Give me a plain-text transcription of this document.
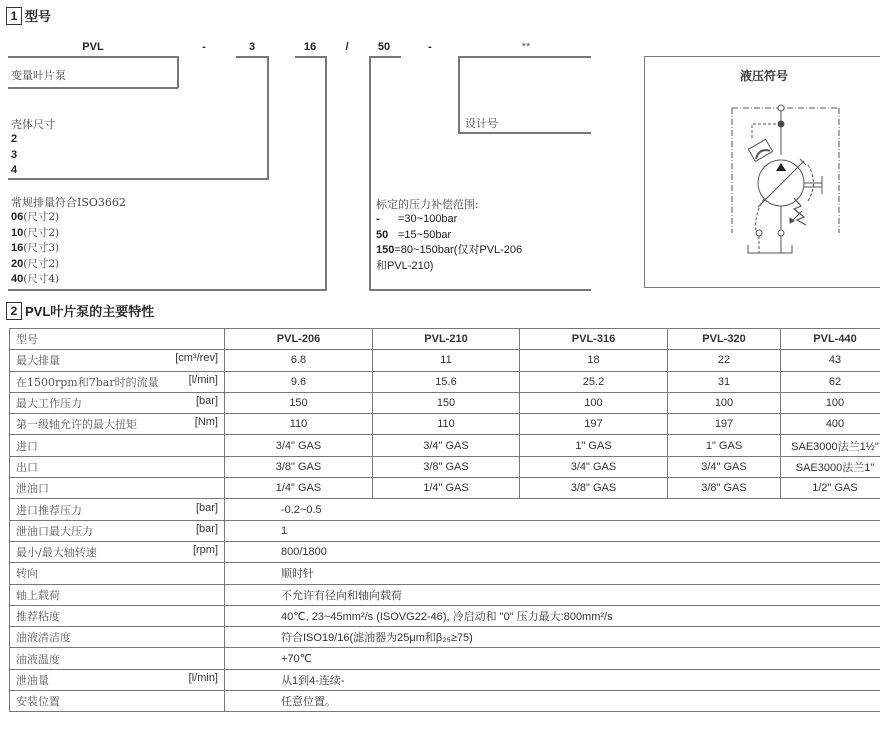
1 型号
PVL	-	3	16	/	50	-	**
变量叶片泵
壳体尺寸
2
3
4
常规排量符合ISO3662
06(尺寸2)
10(尺寸2)
16(尺寸3)
20(尺寸2)
40(尺寸4)
标定的压力补偿范围:
- =30~100bar
50 =15~50bar
150=80~150bar(仅对PVL-206
和PVL-210)
设计号
液压符号
2 PVL叶片泵的主要特性
型号	PVL-206	PVL-210	PVL-316	PVL-320	PVL-440
最大排量 [cm³/rev]	6.8	11	18	22	43
在1500rpm和7bar时的流量 [l/min]	9.6	15.6	25.2	31	62
最大工作压力 [bar]	150	150	100	100	100
第一级轴允许的最大扭矩 [Nm]	110	110	197	197	400
进口	3/4" GAS	3/4" GAS	1" GAS	1" GAS	SAE3000法兰1½"
出口	3/8" GAS	3/8" GAS	3/4" GAS	3/4" GAS	SAE3000法兰1"
泄油口	1/4" GAS	1/4" GAS	3/8" GAS	3/8" GAS	1/2" GAS
进口推荐压力 [bar]	-0.2~0.5				
泄油口最大压力 [bar]	1				
最小/最大轴转速 [rpm]	800/1800				
转向	顺时针				
轴上载荷	不允许有径向和轴向载荷				
推荐粘度	40℃, 23~45mm²/s (ISOVG22-46), 冷启动和 "0" 压力最大:800mm²/s				
油液清洁度	符合ISO19/16(滤油器为25μm和β₂₅≥75)				
油液温度	+70℃				
泄油量 [l/min]	从1到4-连续-				
安装位置	任意位置。				
